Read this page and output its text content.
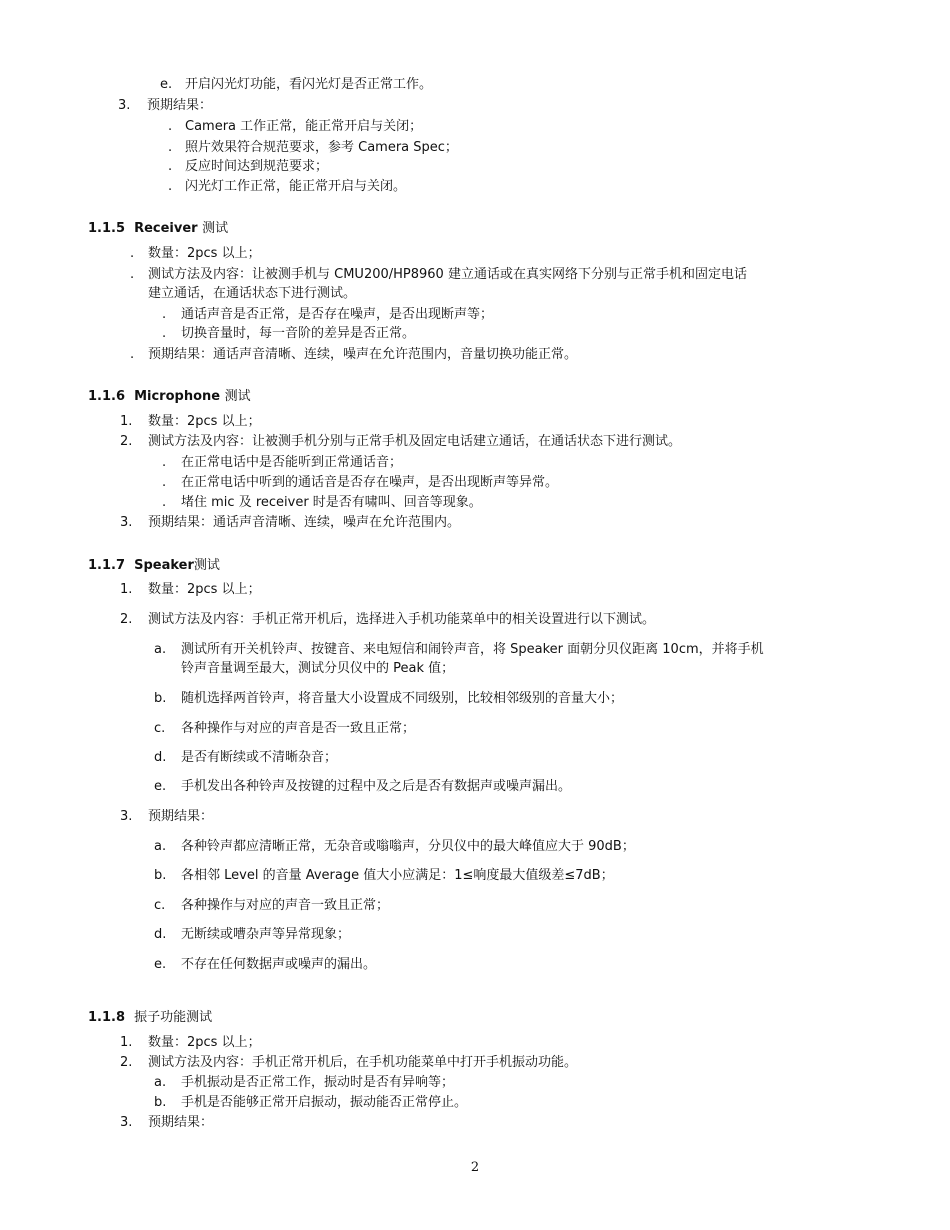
e. 开启闪光灯功能，看闪光灯是否正常工作。
3. 预期结果：
. Camera 工作正常，能正常开启与关闭；
. 照片效果符合规范要求，参考 Camera Spec；
. 反应时间达到规范要求；
. 闪光灯工作正常，能正常开启与关闭。
1.1.5 Receiver 测试
. 数量：2pcs 以上；
. 测试方法及内容：让被测手机与 CMU200/HP8960 建立通话或在真实网络下分别与正常手机和固定电话
建立通话，在通话状态下进行测试。
. 通话声音是否正常，是否存在噪声，是否出现断声等；
. 切换音量时，每一音阶的差异是否正常。
. 预期结果：通话声音清晰、连续，噪声在允许范围内，音量切换功能正常。
1.1.6 Microphone 测试
1. 数量：2pcs 以上；
2. 测试方法及内容：让被测手机分别与正常手机及固定电话建立通话，在通话状态下进行测试。
. 在正常电话中是否能听到正常通话音；
. 在正常电话中听到的通话音是否存在噪声，是否出现断声等异常。
. 堵住 mic 及 receiver 时是否有啸叫、回音等现象。
3. 预期结果：通话声音清晰、连续，噪声在允许范围内。
1.1.7 Speaker测试
1. 数量：2pcs 以上；
2. 测试方法及内容：手机正常开机后，选择进入手机功能菜单中的相关设置进行以下测试。
a. 测试所有开关机铃声、按键音、来电短信和闹铃声音，将 Speaker 面朝分贝仪距离 10cm，并将手机
铃声音量调至最大，测试分贝仪中的 Peak 值；
b. 随机选择两首铃声，将音量大小设置成不同级别，比较相邻级别的音量大小；
c. 各种操作与对应的声音是否一致且正常；
d. 是否有断续或不清晰杂音；
e. 手机发出各种铃声及按键的过程中及之后是否有数据声或噪声漏出。
3. 预期结果：
a. 各种铃声都应清晰正常，无杂音或嗡嗡声，分贝仪中的最大峰值应大于 90dB；
b. 各相邻 Level 的音量 Average 值大小应满足：1≤响度最大值级差≤7dB；
c. 各种操作与对应的声音一致且正常；
d. 无断续或嘈杂声等异常现象；
e. 不存在任何数据声或噪声的漏出。
1.1.8 振子功能测试
1. 数量：2pcs 以上；
2. 测试方法及内容：手机正常开机后，在手机功能菜单中打开手机振动功能。
a. 手机振动是否正常工作，振动时是否有异响等；
b. 手机是否能够正常开启振动，振动能否正常停止。
3. 预期结果：
2
